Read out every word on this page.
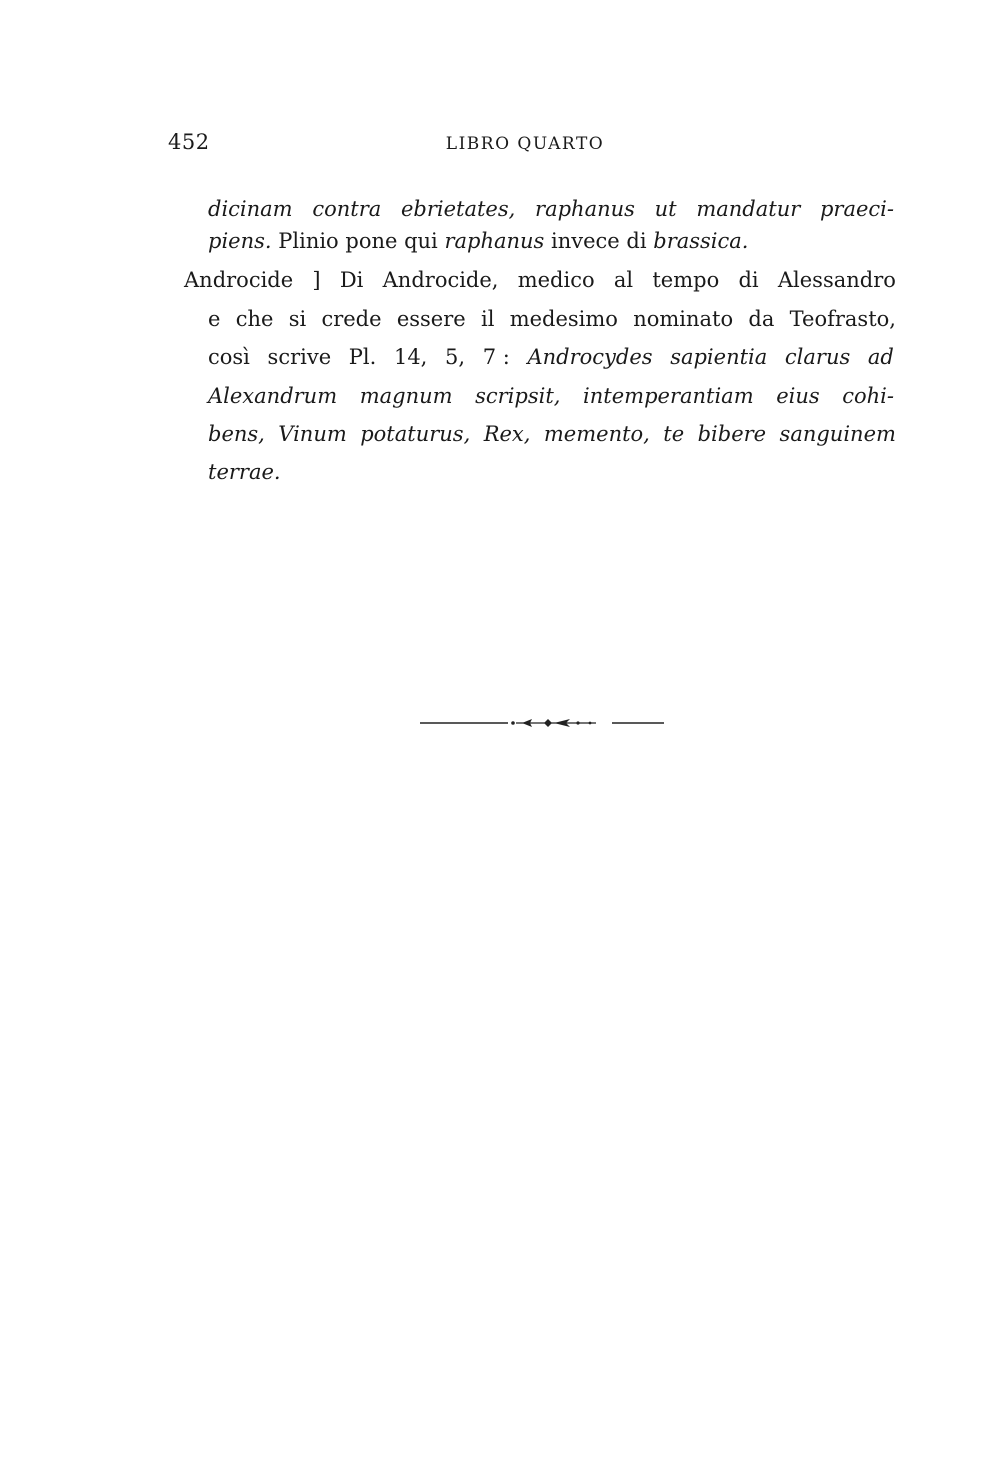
452	LIBRO QUARTO
dicinam contra ebrietates, raphanus ut mandatur praeci-
piens. Plinio pone qui raphanus invece di brassica.
Androcide ] Di Androcide, medico al tempo di Alessandro
e che si crede essere il medesimo nominato da Teofrasto,
così scrive Pl. 14, 5, 7 : Androcydes sapientia clarus ad
Alexandrum magnum scripsit, intemperantiam eius cohi-
bens, Vinum potaturus, Rex, memento, te bibere sanguinem
terrae.
